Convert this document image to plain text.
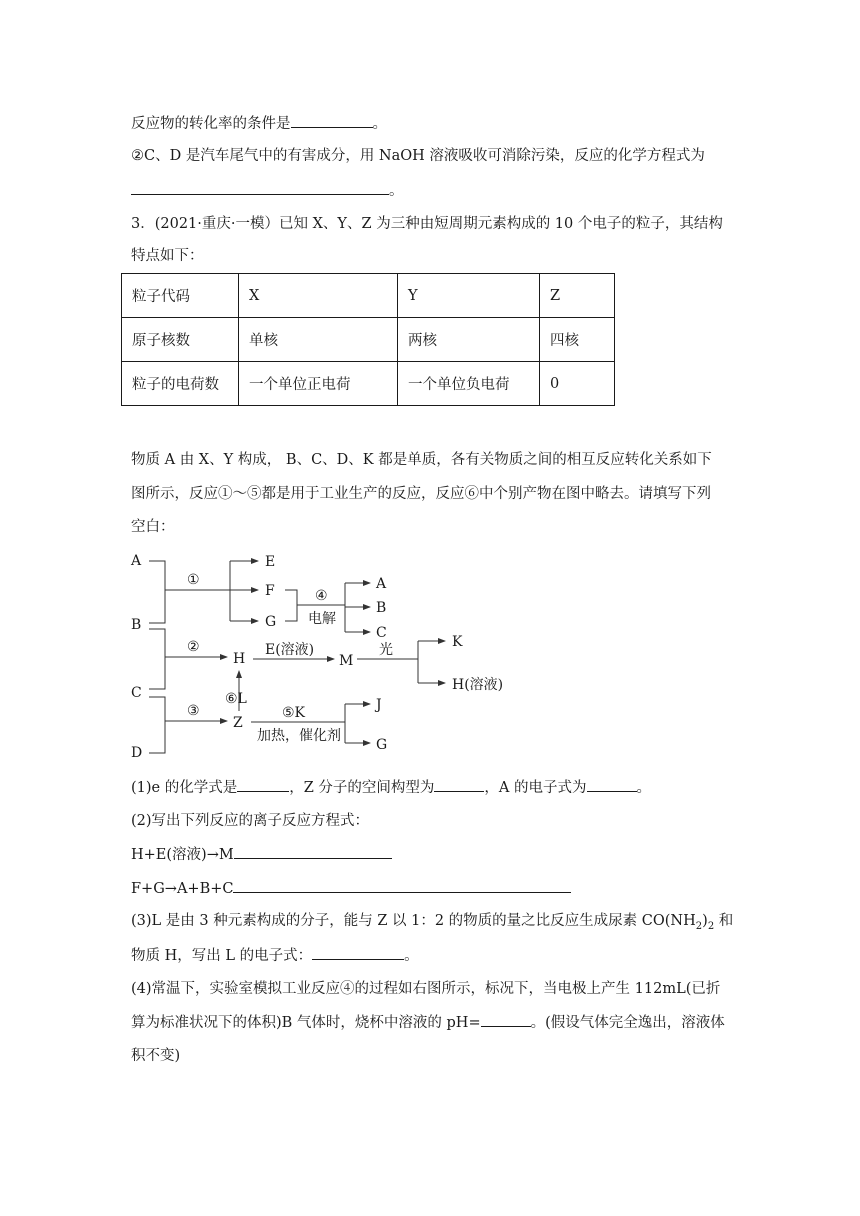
反应物的转化率的条件是	。
②C、D 是汽车尾气中的有害成分，用 NaOH 溶液吸收可消除污染，反应的化学方程式为
。
3．(2021·重庆·一模）已知 X、Y、Z 为三种由短周期元素构成的 10 个电子的粒子，其结构
特点如下：
粒子代码	X	Y	Z
原子核数	单核	两核	四核
粒子的电荷数	一个单位正电荷	一个单位负电荷	0
物质 A 由 X、Y 构成， B、C、D、K 都是单质，各有关物质之间的相互反应转化关系如下
图所示，反应①～⑤都是用于工业生产的反应，反应⑥中个别产物在图中略去。请填写下列
空白：
A
B
C
D
①
E
F
G
④
电解
A
B
C
②
H
E(溶液)
M
光	K
H(溶液)
⑥L
③
Z
⑤K
加热，催化剂
J
G
(1)e 的化学式是	，Z 分子的空间构型为	，A 的电子式为	。
(2)写出下列反应的离子反应方程式：
H+E(溶液)→M
F+G→A+B+C
(3)L 是由 3 种元素构成的分子，能与 Z 以 1：2 的物质的量之比反应生成尿素 $CO(NH_2)_2$ 和
物质 H，写出 L 的电子式：	。
(4)常温下，实验室模拟工业反应④的过程如右图所示，标况下，当电极上产生 112mL(已折
算为标准状况下的体积)B 气体时，烧杯中溶液的 pH=	。(假设气体完全逸出，溶液体
积不变)
